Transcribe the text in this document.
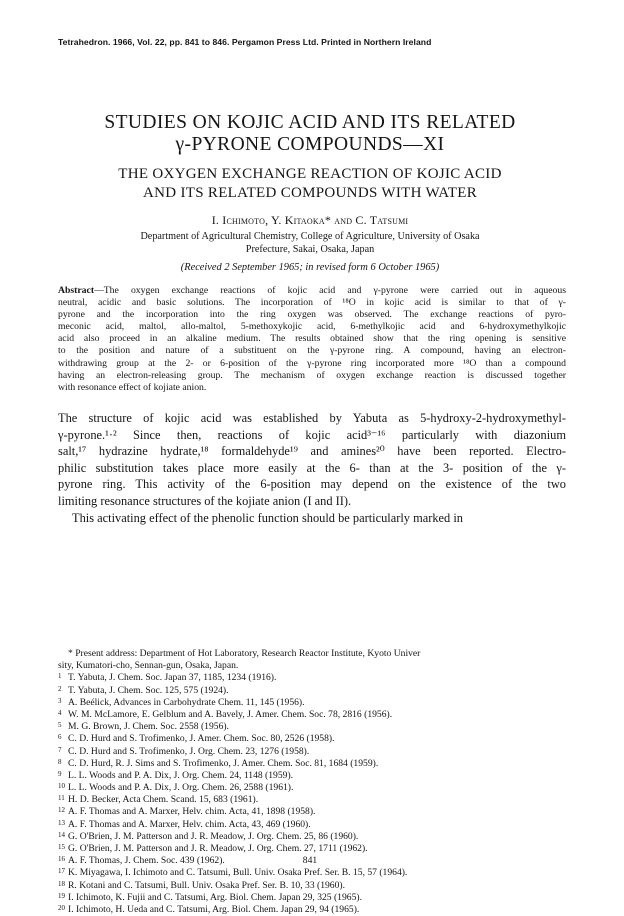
Tetrahedron. 1966, Vol. 22, pp. 841 to 846. Pergamon Press Ltd. Printed in Northern Ireland
STUDIES ON KOJIC ACID AND ITS RELATED
γ-PYRONE COMPOUNDS—XI
THE OXYGEN EXCHANGE REACTION OF KOJIC ACID
AND ITS RELATED COMPOUNDS WITH WATER
I. Ichimoto, Y. Kitaoka* and C. Tatsumi
Department of Agricultural Chemistry, College of Agriculture, University of Osaka
Prefecture, Sakai, Osaka, Japan
(Received 2 September 1965; in revised form 6 October 1965)
Abstract—The oxygen exchange reactions of kojic acid and γ-pyrone were carried out in aqueous
neutral, acidic and basic solutions. The incorporation of ¹⁸O in kojic acid is similar to that of γ-
pyrone and the incorporation into the ring oxygen was observed. The exchange reactions of pyro-
meconic acid, maltol, allo-maltol, 5-methoxykojic acid, 6-methylkojic acid and 6-hydroxymethylkojic
acid also proceed in an alkaline medium. The results obtained show that the ring opening is sensitive
to the position and nature of a substituent on the γ-pyrone ring. A compound, having an electron-
withdrawing group at the 2- or 6-position of the γ-pyrone ring incorporated more ¹⁸O than a compound
having an electron-releasing group. The mechanism of oxygen exchange reaction is discussed together
with resonance effect of kojiate anion.
The structure of kojic acid was established by Yabuta as 5-hydroxy-2-hydroxymethyl-
γ-pyrone.¹·² Since then, reactions of kojic acid³⁻¹⁶ particularly with diazonium
salt,¹⁷ hydrazine hydrate,¹⁸ formaldehyde¹⁹ and amines²⁰ have been reported. Electro-
philic substitution takes place more easily at the 6- than at the 3- position of the γ-
pyrone ring. This activity of the 6-position may depend on the existence of the two
limiting resonance structures of the kojiate anion (I and II).
This activating effect of the phenolic function should be particularly marked in
* Present address: Department of Hot Laboratory, Research Reactor Institute, Kyoto Univer
sity, Kumatori-cho, Sennan-gun, Osaka, Japan.
1 T. Yabuta, J. Chem. Soc. Japan 37, 1185, 1234 (1916).
2 T. Yabuta, J. Chem. Soc. 125, 575 (1924).
3 A. Beélick, Advances in Carbohydrate Chem. 11, 145 (1956).
4 W. M. McLamore, E. Gelblum and A. Bavely, J. Amer. Chem. Soc. 78, 2816 (1956).
5 M. G. Brown, J. Chem. Soc. 2558 (1956).
6 C. D. Hurd and S. Trofimenko, J. Amer. Chem. Soc. 80, 2526 (1958).
7 C. D. Hurd and S. Trofimenko, J. Org. Chem. 23, 1276 (1958).
8 C. D. Hurd, R. J. Sims and S. Trofimenko, J. Amer. Chem. Soc. 81, 1684 (1959).
9 L. L. Woods and P. A. Dix, J. Org. Chem. 24, 1148 (1959).
10 L. L. Woods and P. A. Dix, J. Org. Chem. 26, 2588 (1961).
11 H. D. Becker, Acta Chem. Scand. 15, 683 (1961).
12 A. F. Thomas and A. Marxer, Helv. chim. Acta, 41, 1898 (1958).
13 A. F. Thomas and A. Marxer, Helv. chim. Acta, 43, 469 (1960).
14 G. O'Brien, J. M. Patterson and J. R. Meadow, J. Org. Chem. 25, 86 (1960).
15 G. O'Brien, J. M. Patterson and J. R. Meadow, J. Org. Chem. 27, 1711 (1962).
16 A. F. Thomas, J. Chem. Soc. 439 (1962).
17 K. Miyagawa, I. Ichimoto and C. Tatsumi, Bull. Univ. Osaka Pref. Ser. B. 15, 57 (1964).
18 R. Kotani and C. Tatsumi, Bull. Univ. Osaka Pref. Ser. B. 10, 33 (1960).
19 I. Ichimoto, K. Fujii and C. Tatsumi, Arg. Biol. Chem. Japan 29, 325 (1965).
20 I. Ichimoto, H. Ueda and C. Tatsumi, Arg. Biol. Chem. Japan 29, 94 (1965).
841
